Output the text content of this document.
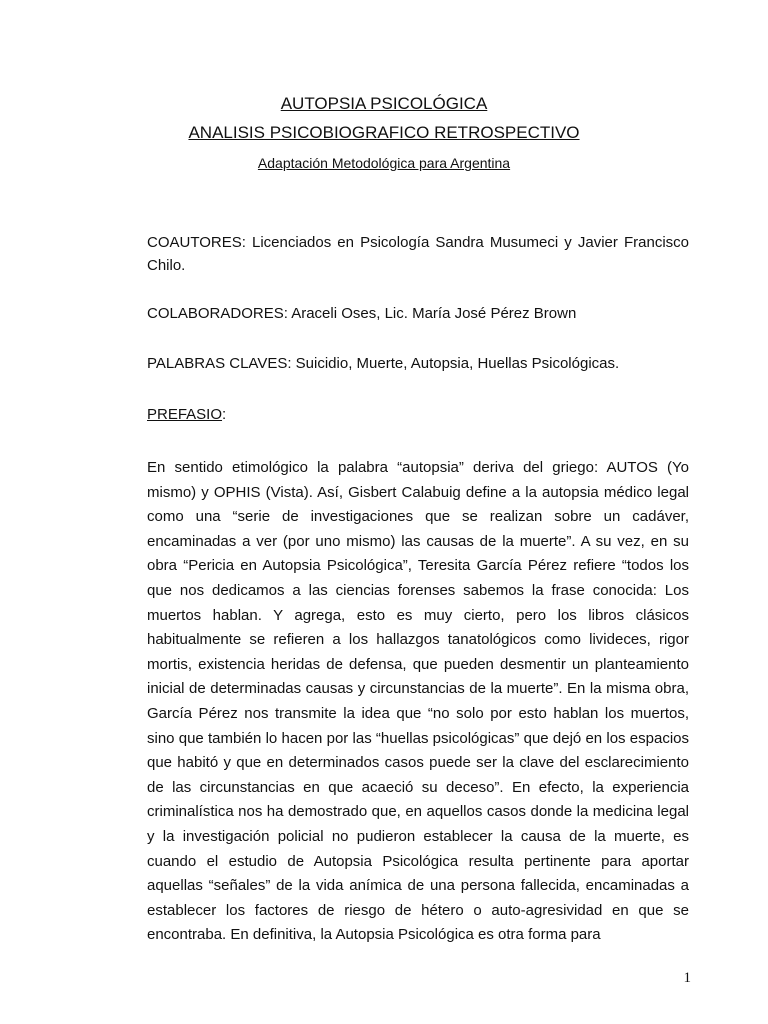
AUTOPSIA PSICOLÓGICA
ANALISIS PSICOBIOGRAFICO RETROSPECTIVO
Adaptación Metodológica para Argentina
COAUTORES: Licenciados en Psicología Sandra Musumeci y Javier Francisco Chilo.
COLABORADORES: Araceli Oses, Lic. María José Pérez Brown
PALABRAS CLAVES: Suicidio, Muerte, Autopsia, Huellas Psicológicas.
PREFASIO:
En sentido etimológico la palabra “autopsia” deriva del griego: AUTOS (Yo mismo) y OPHIS (Vista). Así, Gisbert Calabuig define a la autopsia médico legal como una “serie de investigaciones que se realizan sobre un cadáver, encaminadas a ver (por uno mismo) las causas de la muerte”. A su vez, en su obra “Pericia en Autopsia Psicológica”, Teresita García Pérez refiere “todos los que nos dedicamos a las ciencias forenses sabemos la frase conocida: Los muertos hablan. Y agrega, esto es muy cierto, pero los libros clásicos habitualmente se refieren a los hallazgos tanatológicos como livideces, rigor mortis, existencia heridas de defensa, que pueden desmentir un planteamiento inicial de determinadas causas y circunstancias de la muerte”. En la misma obra, García Pérez nos transmite la idea que “no solo por esto hablan los muertos, sino que también lo hacen por las “huellas psicológicas” que dejó en los espacios que habitó y que en determinados casos puede ser la clave del esclarecimiento de las circunstancias en que acaeció su deceso”. En efecto, la experiencia criminalística nos ha demostrado que, en aquellos casos donde la medicina legal y la investigación policial no pudieron establecer la causa de la muerte, es cuando el estudio de Autopsia Psicológica resulta pertinente para aportar aquellas “señales” de la vida anímica de una persona fallecida, encaminadas a establecer los factores de riesgo de hétero o auto-agresividad en que se encontraba. En definitiva, la Autopsia Psicológica es otra forma para
1
